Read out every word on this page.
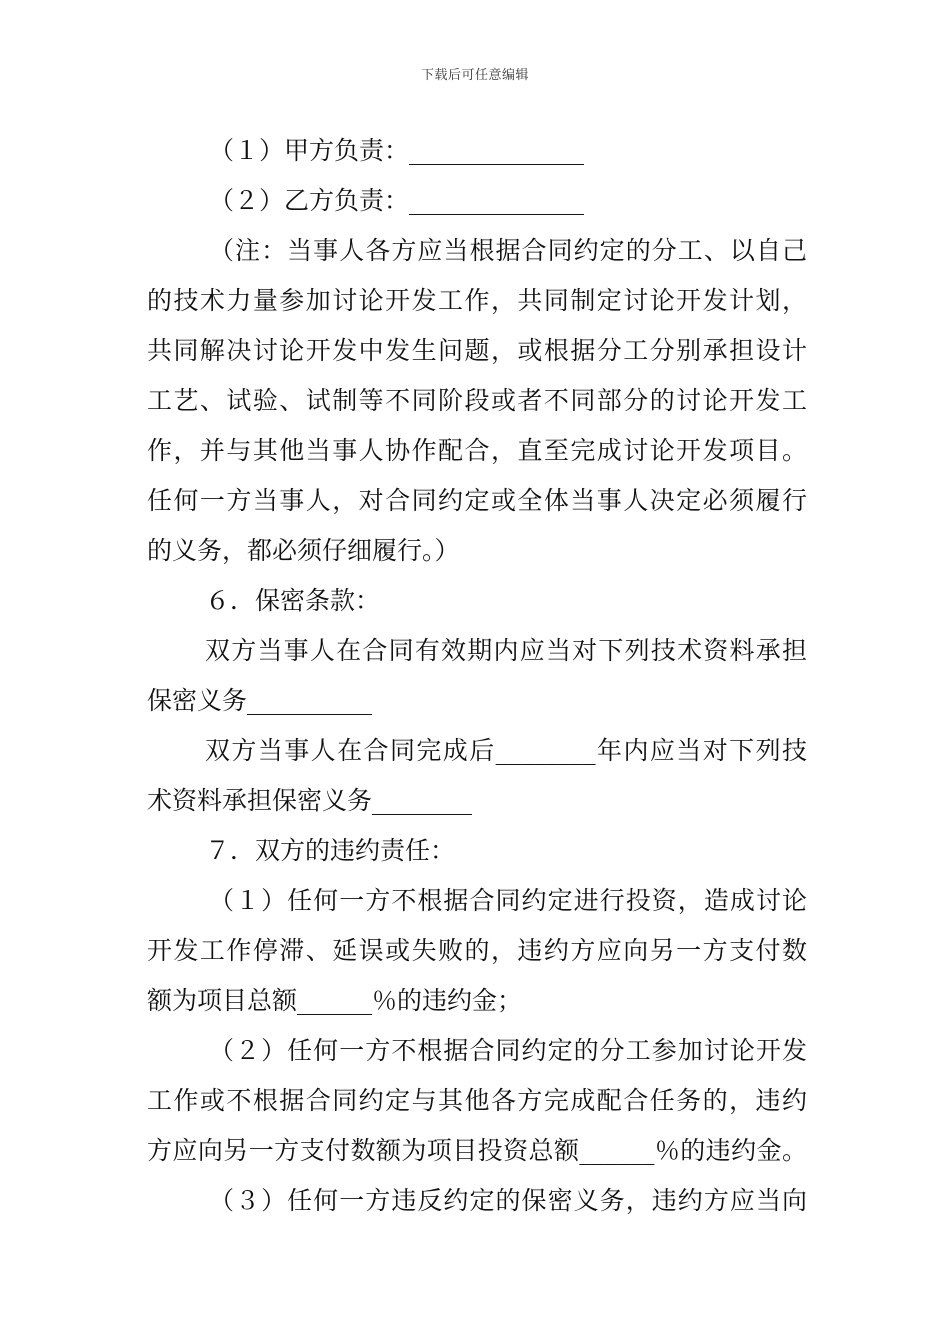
下载后可任意编辑
（１）甲方负责：______________
（２）乙方负责：______________
（注：当事人各方应当根据合同约定的分工、以自己
的技术力量参加讨论开发工作，共同制定讨论开发计划，
共同解决讨论开发中发生问题，或根据分工分别承担设计
工艺、试验、试制等不同阶段或者不同部分的讨论开发工
作，并与其他当事人协作配合，直至完成讨论开发项目。
任何一方当事人，对合同约定或全体当事人决定必须履行
的义务，都必须仔细履行。）
６．保密条款：
双方当事人在合同有效期内应当对下列技术资料承担
保密义务__________
双方当事人在合同完成后________年内应当对下列技
术资料承担保密义务________
７．双方的违约责任：
（１）任何一方不根据合同约定进行投资，造成讨论
开发工作停滞、延误或失败的，违约方应向另一方支付数
额为项目总额______％的违约金；
（２）任何一方不根据合同约定的分工参加讨论开发
工作或不根据合同约定与其他各方完成配合任务的，违约
方应向另一方支付数额为项目投资总额______％的违约金。
（３）任何一方违反约定的保密义务，违约方应当向
